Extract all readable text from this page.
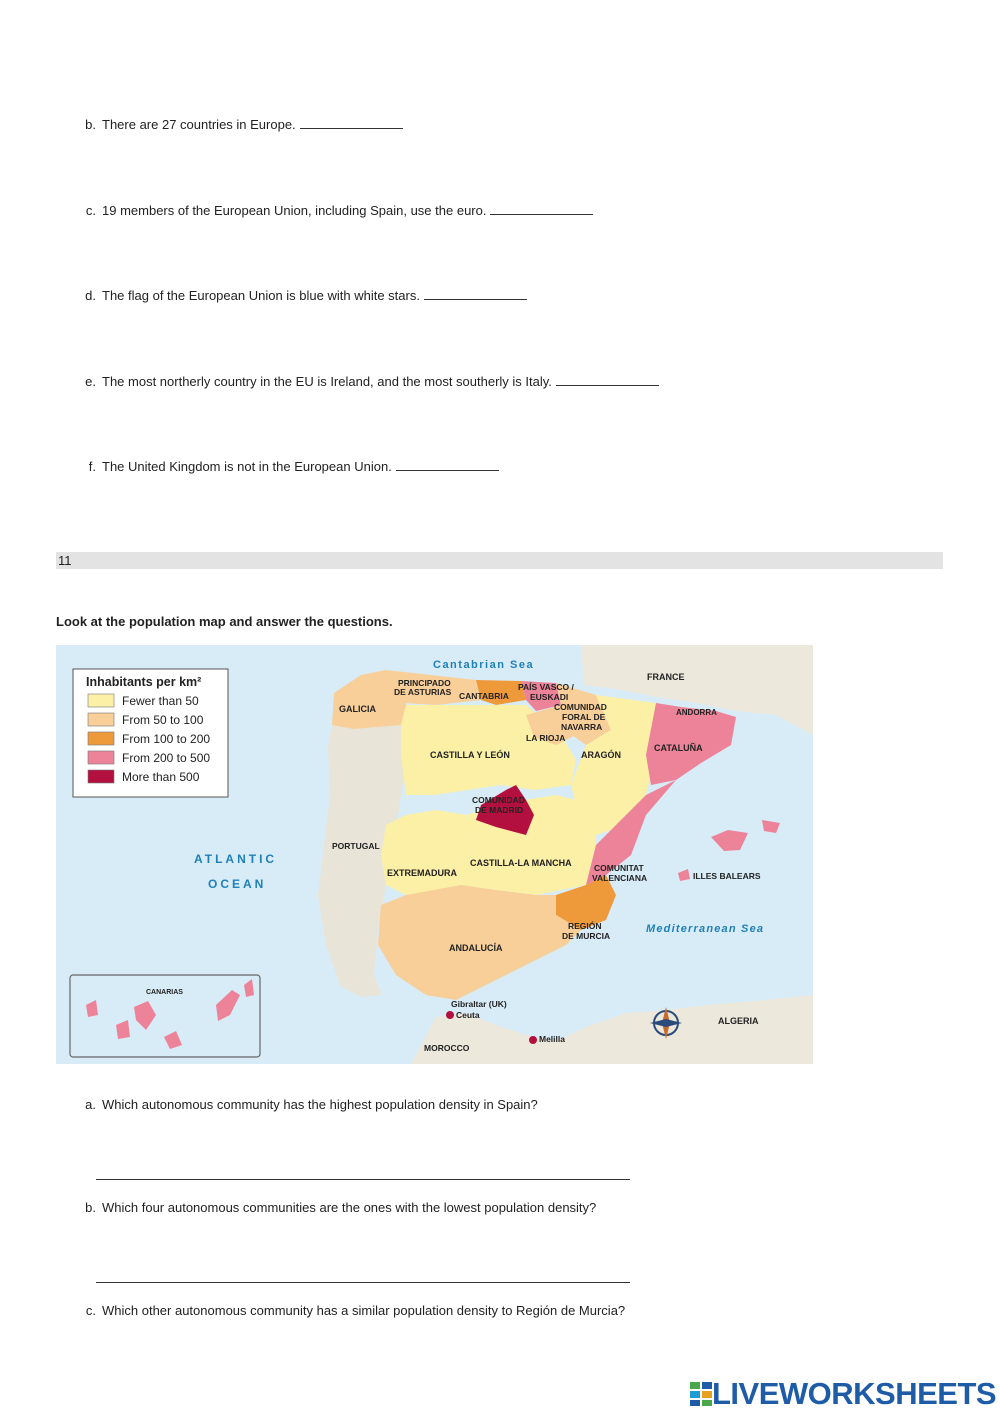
b. There are 27 countries in Europe.
c. 19 members of the European Union, including Spain, use the euro.
d. The flag of the European Union is blue with white stars.
e. The most northerly country in the EU is Ireland, and the most southerly is Italy.
f. The United Kingdom is not in the European Union.
11
Look at the population map and answer the questions.
Inhabitants per km²
Fewer than 50
From 50 to 100
From 100 to 200
From 200 to 500
More than 500
Cantabrian Sea
ATLANTIC
OCEAN
Mediterranean Sea
FRANCE
ANDORRA
PORTUGAL
ALGERIA
MOROCCO
GALICIA
PRINCIPADO
DE ASTURIAS CANTABRIA
PAÍS VASCO /
EUSKADI
COMUNIDAD
FORAL DE
NAVARRA
LA RIOJA
CASTILLA Y LEÓN	ARAGÓN
CATALUÑA
COMUNIDAD
DE MADRID
EXTREMADURA
CASTILLA-LA MANCHA	COMUNITAT
VALENCIANA	ILLES BALEARS
REGIÓN
DE MURCIA
ANDALUCÍA
CANARIAS
Gibraltar (UK)
Ceuta
Melilla
a. Which autonomous community has the highest population density in Spain?
b. Which four autonomous communities are the ones with the lowest population density?
c. Which other autonomous community has a similar population density to Región de Murcia?
LIVEWORKSHEETS
